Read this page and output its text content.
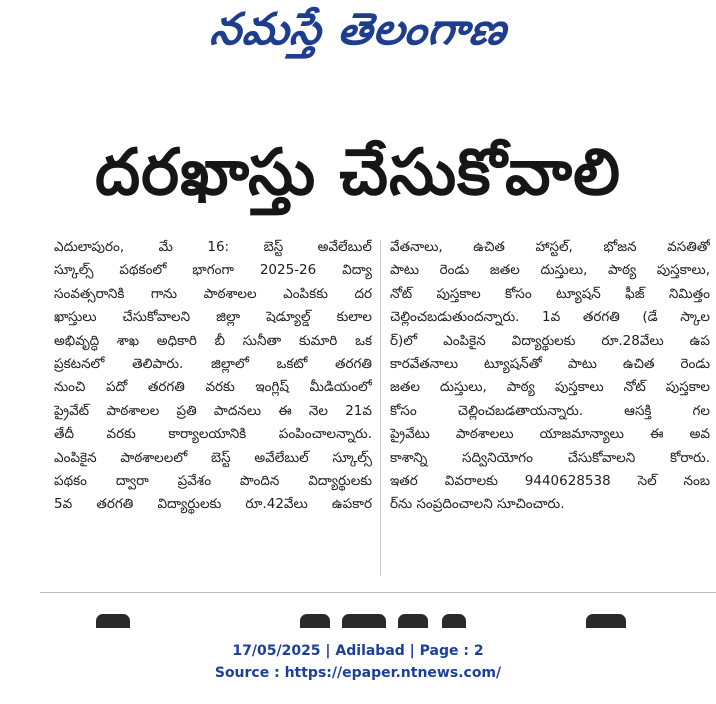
నమస్తే తెలంగాణ
దరఖాస్తు చేసుకోవాలి
ఎదులాపురం, మే 16: బెస్ట్ అవేలేబుల్
స్కూల్స్ పథకంలో భాగంగా 2025-26 విద్యా
సంవత్సరానికి గాను పాఠశాలల ఎంపికకు దర
ఖాస్తులు చేసుకోవాలని జిల్లా షెడ్యూల్డ్ కులాల
అభివృద్ధి శాఖ అధికారి బీ సునీతా కుమారి ఒక
ప్రకటనలో తెలిపారు. జిల్లాలో ఒకటో తరగతి
నుంచి పదో తరగతి వరకు ఇంగ్లిష్ మీడియంలో
ప్రైవేట్ పాఠశాలల ప్రతి పాదనలు ఈ నెల 21వ
తేదీ వరకు కార్యాలయానికి పంపించాలన్నారు.
ఎంపికైన పాఠశాలలలో బెస్ట్ అవేలేబుల్ స్కూల్స్
పథకం ద్వారా ప్రవేశం పొందిన విద్యార్థులకు
5వ తరగతి విద్యార్థులకు రూ.42వేలు ఉపకార
వేతనాలు, ఉచిత హాస్టల్, భోజన వసతితో
పాటు రెండు జతల దుస్తులు, పాఠ్య పుస్తకాలు,
నోట్ పుస్తకాల కోసం ట్యూషన్ ఫీజ్ నిమిత్తం
చెల్లించబడుతుందన్నారు. 1వ తరగతి (డే స్కాల
ర్)లో ఎంపికైన విద్యార్థులకు రూ.28వేలు ఉప
కారవేతనాలు ట్యూషన్‌తో పాటు ఉచిత రెండు
జతల దుస్తులు, పాఠ్య పుస్తకాలు నోట్ పుస్తకాల
కోసం చెల్లించబడతాయన్నారు. ఆసక్తి గల
ప్రైవేటు పాఠశాలలు యాజమాన్యాలు ఈ అవ
కాశాన్ని సద్వినియోగం చేసుకోవాలని కోరారు.
ఇతర వివరాలకు 9440628538 సెల్ నంబ
ర్‌ను సంప్రదించాలని సూచించారు.
17/05/2025 | Adilabad | Page : 2
Source : https://epaper.ntnews.com/
